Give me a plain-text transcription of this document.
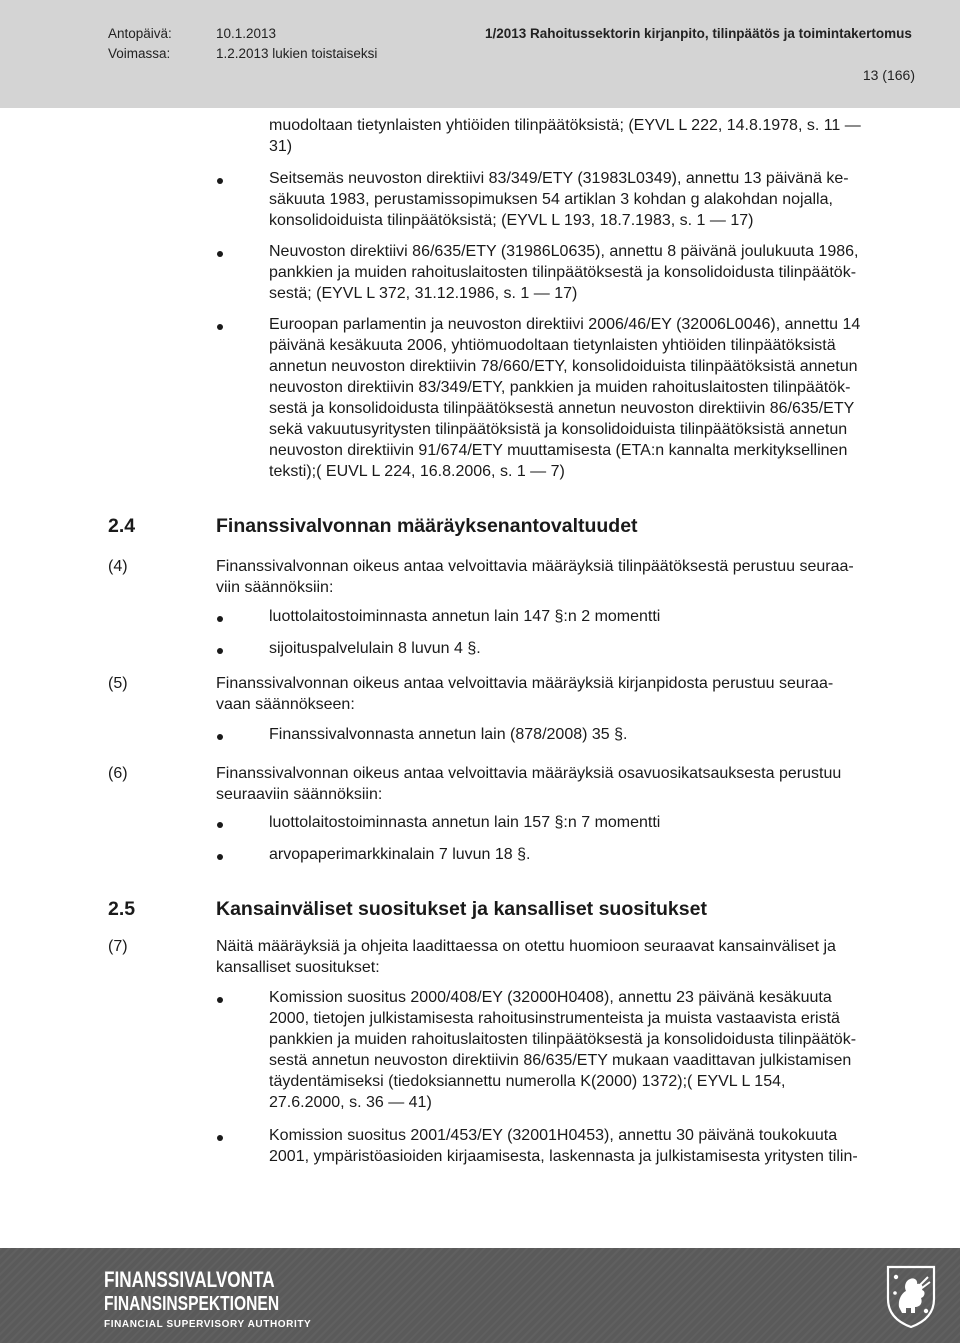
Antopäivä:	10.1.2013	1/2013 Rahoitussektorin kirjanpito, tilinpäätös ja toimintakertomus
Voimassa:	1.2.2013 lukien toistaiseksi
13 (166)
muodoltaan tietynlaisten yhtiöiden tilinpäätöksistä; (EYVL L 222, 14.8.1978, s. 11 —
31)
Seitsemäs neuvoston direktiivi 83/349/ETY (31983L0349), annettu 13 päivänä ke-
säkuuta 1983, perustamissopimuksen 54 artiklan 3 kohdan g alakohdan nojalla,
konsolidoiduista tilinpäätöksistä; (EYVL L 193, 18.7.1983, s. 1 — 17)
Neuvoston direktiivi 86/635/ETY (31986L0635), annettu 8 päivänä joulukuuta 1986,
pankkien ja muiden rahoituslaitosten tilinpäätöksestä ja konsolidoidusta tilinpäätök-
sestä; (EYVL L 372, 31.12.1986, s. 1 — 17)
Euroopan parlamentin ja neuvoston direktiivi 2006/46/EY (32006L0046), annettu 14
päivänä kesäkuuta 2006, yhtiömuodoltaan tietynlaisten yhtiöiden tilinpäätöksistä
annetun neuvoston direktiivin 78/660/ETY, konsolidoiduista tilinpäätöksistä annetun
neuvoston direktiivin 83/349/ETY, pankkien ja muiden rahoituslaitosten tilinpäätök-
sestä ja konsolidoidusta tilinpäätöksestä annetun neuvoston direktiivin 86/635/ETY
sekä vakuutusyritysten tilinpäätöksistä ja konsolidoiduista tilinpäätöksistä annetun
neuvoston direktiivin 91/674/ETY muuttamisesta (ETA:n kannalta merkityksellinen
teksti);( EUVL L 224, 16.8.2006, s. 1 — 7)
2.4	Finanssivalvonnan määräyksenantovaltuudet
(4)	Finanssivalvonnan oikeus antaa velvoittavia määräyksiä tilinpäätöksestä perustuu seuraa-
viin säännöksiin:
luottolaitostoiminnasta annetun lain 147 §:n 2 momentti
sijoituspalvelulain 8 luvun 4 §.
(5)	Finanssivalvonnan oikeus antaa velvoittavia määräyksiä kirjanpidosta perustuu seuraa-
vaan säännökseen:
Finanssivalvonnasta annetun lain (878/2008) 35 §.
(6)	Finanssivalvonnan oikeus antaa velvoittavia määräyksiä osavuosikatsauksesta perustuu
seuraaviin säännöksiin:
luottolaitostoiminnasta annetun lain 157 §:n 7 momentti
arvopaperimarkkinalain 7 luvun 18 §.
2.5	Kansainväliset suositukset ja kansalliset suositukset
(7)	Näitä määräyksiä ja ohjeita laadittaessa on otettu huomioon seuraavat kansainväliset ja
kansalliset suositukset:
Komission suositus 2000/408/EY (32000H0408), annettu 23 päivänä kesäkuuta
2000, tietojen julkistamisesta rahoitusinstrumenteista ja muista vastaavista eristä
pankkien ja muiden rahoituslaitosten tilinpäätöksestä ja konsolidoidusta tilinpäätök-
sestä annetun neuvoston direktiivin 86/635/ETY mukaan vaadittavan julkistamisen
täydentämiseksi (tiedoksiannettu numerolla K(2000) 1372);( EYVL L 154,
27.6.2000, s. 36 — 41)
Komission suositus 2001/453/EY (32001H0453), annettu 30 päivänä toukokuuta
2001, ympäristöasioiden kirjaamisesta, laskennasta ja julkistamisesta yritysten tilin-
FINANSSIVALVONTA
FINANSINSPEKTIONEN
FINANCIAL SUPERVISORY AUTHORITY
